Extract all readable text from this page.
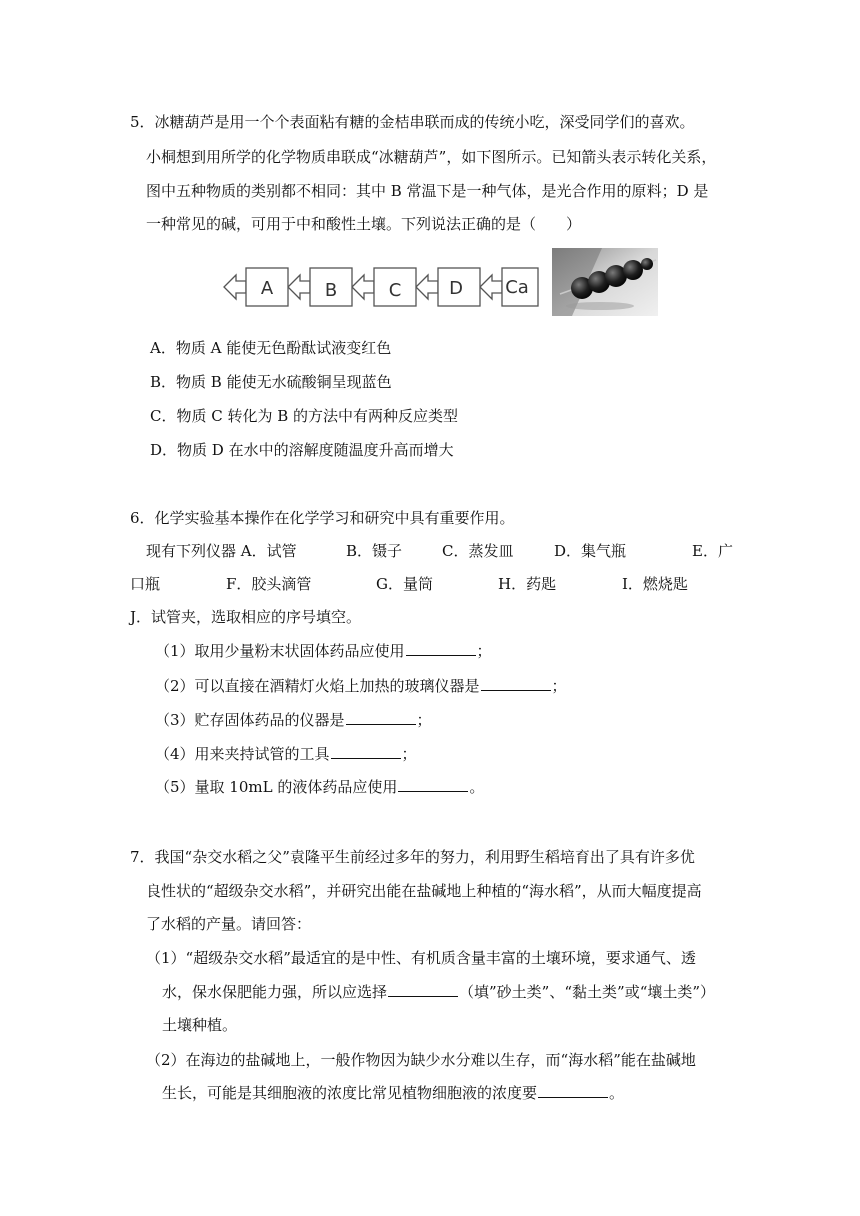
5．冰糖葫芦是用一个个表面粘有糖的金桔串联而成的传统小吃，深受同学们的喜欢。
小桐想到用所学的化学物质串联成“冰糖葫芦”，如下图所示。已知箭头表示转化关系，
图中五种物质的类别都不相同：其中 B 常温下是一种气体，是光合作用的原料；D 是
一种常见的碱，可用于中和酸性土壤。下列说法正确的是（　　）
A	B	C	D Ca
A．物质 A 能使无色酚酞试液变红色
B．物质 B 能使无水硫酸铜呈现蓝色
C．物质 C 转化为 B 的方法中有两种反应类型
D．物质 D 在水中的溶解度随温度升高而增大
6．化学实验基本操作在化学学习和研究中具有重要作用。
现有下列仪器 A．试管	B．镊子	C．蒸发皿	D．集气瓶	E．广
口瓶	F．胶头滴管	G．量筒	H．药匙	I．燃烧匙
J．试管夹，选取相应的序号填空。
（1）取用少量粉末状固体药品应使用	；
（2）可以直接在酒精灯火焰上加热的玻璃仪器是	；
（3）贮存固体药品的仪器是	；
（4）用来夹持试管的工具	；
（5）量取 10mL 的液体药品应使用	。
7．我国“杂交水稻之父”袁隆平生前经过多年的努力，利用野生稻培育出了具有许多优
良性状的“超级杂交水稻”，并研究出能在盐碱地上种植的“海水稻”，从而大幅度提高
了水稻的产量。请回答：
（1）“超级杂交水稻”最适宜的是中性、有机质含量丰富的土壤环境，要求通气、透
水，保水保肥能力强，所以应选择	（填”砂土类”、“黏土类”或“壤土类”）
土壤种植。
（2）在海边的盐碱地上，一般作物因为缺少水分难以生存，而“海水稻”能在盐碱地
生长，可能是其细胞液的浓度比常见植物细胞液的浓度要	。
